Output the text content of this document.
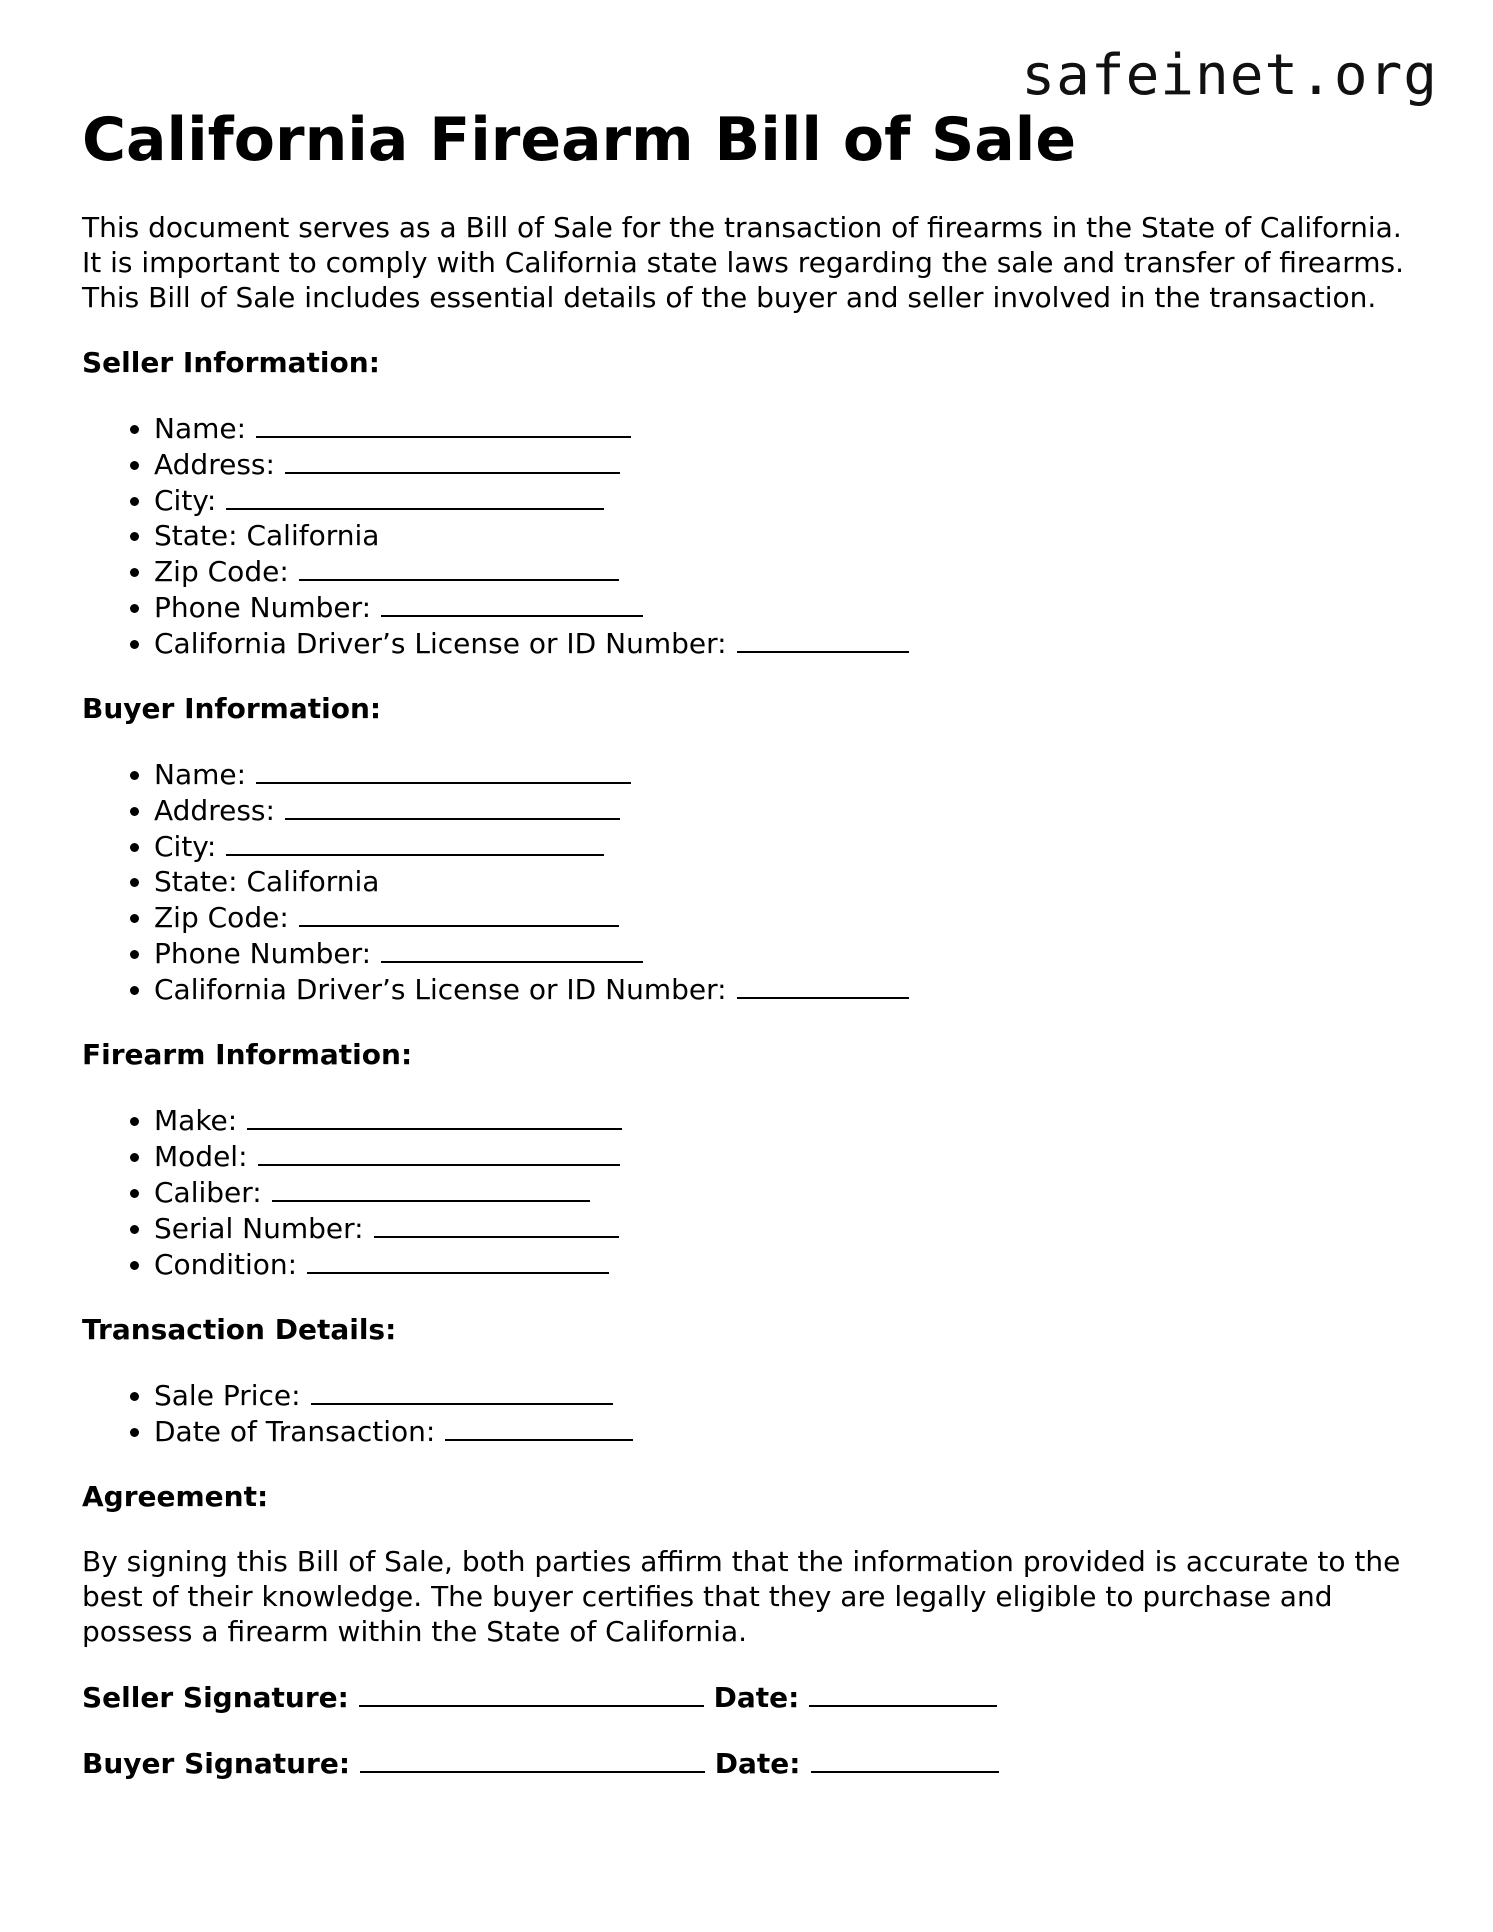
safeinet.org
California Firearm Bill of Sale

This document serves as a Bill of Sale for the transaction of firearms in the State of California. It is important to comply with California state laws regarding the sale and transfer of firearms. This Bill of Sale includes essential details of the buyer and seller involved in the transaction.

Seller Information:
• Name:
• Address:
• City:
• State: California
• Zip Code:
• Phone Number:
• California Driver’s License or ID Number:
Buyer Information:
• Name:
• Address:
• City:
• State: California
• Zip Code:
• Phone Number:
• California Driver’s License or ID Number:
Firearm Information:
• Make:
• Model:
• Caliber:
• Serial Number:
• Condition:
Transaction Details:
• Sale Price:
• Date of Transaction:
Agreement:

By signing this Bill of Sale, both parties affirm that the information provided is accurate to the best of their knowledge. The buyer certifies that they are legally eligible to purchase and possess a firearm within the State of California.

Seller Signature:	Date:
Buyer Signature:	Date:
